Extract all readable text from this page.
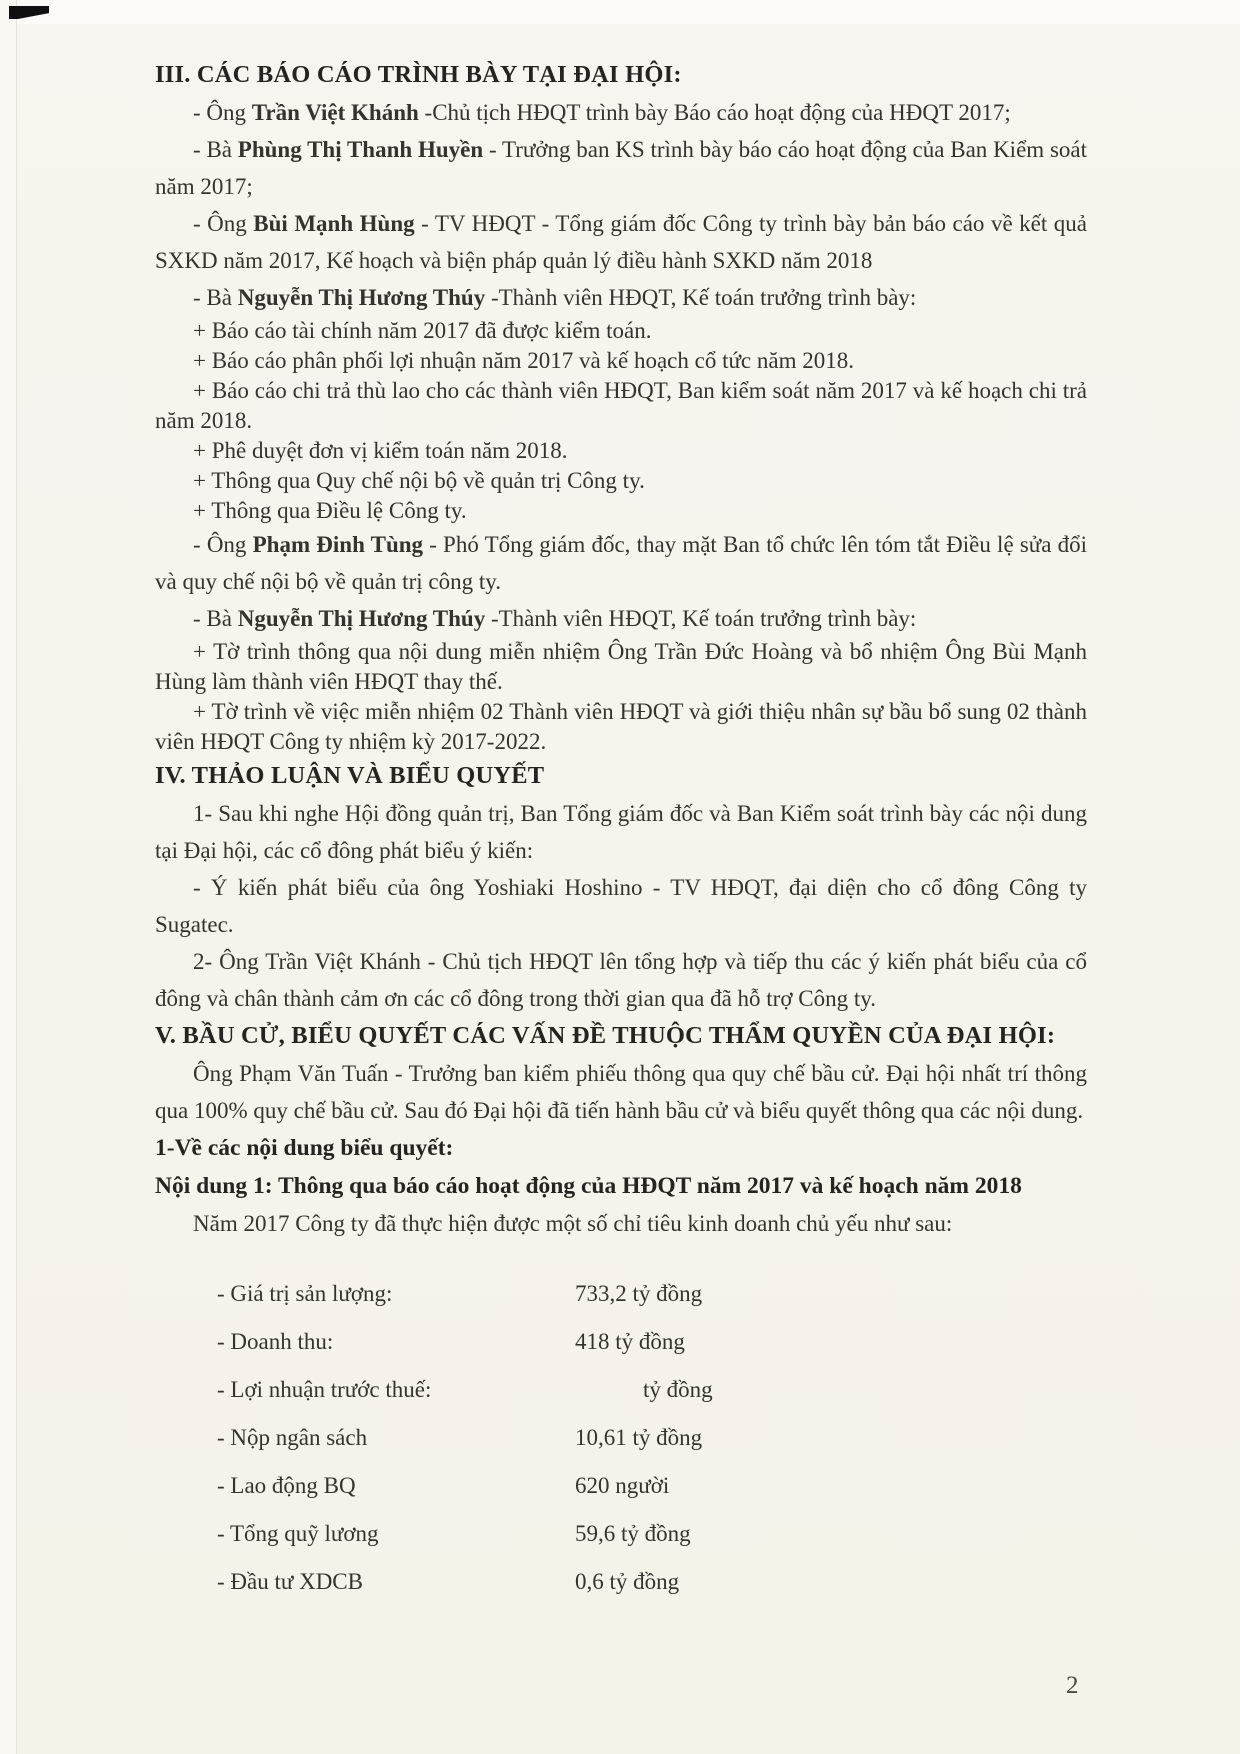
III. CÁC BÁO CÁO TRÌNH BÀY TẠI ĐẠI HỘI:

- Ông Trần Việt Khánh -Chủ tịch HĐQT trình bày Báo cáo hoạt động của HĐQT 2017;

- Bà Phùng Thị Thanh Huyền - Trưởng ban KS trình bày báo cáo hoạt động của Ban Kiểm soát năm 2017;

- Ông Bùi Mạnh Hùng - TV HĐQT - Tổng giám đốc Công ty trình bày bản báo cáo về kết quả SXKD năm 2017, Kế hoạch và biện pháp quản lý điều hành SXKD năm 2018

- Bà Nguyễn Thị Hương Thúy -Thành viên HĐQT, Kế toán trưởng trình bày:

+ Báo cáo tài chính năm 2017 đã được kiểm toán.

+ Báo cáo phân phối lợi nhuận năm 2017 và kế hoạch cổ tức năm 2018.

+ Báo cáo chi trả thù lao cho các thành viên HĐQT, Ban kiểm soát năm 2017 và kế hoạch chi trả năm 2018.

+ Phê duyệt đơn vị kiểm toán năm 2018.

+ Thông qua Quy chế nội bộ về quản trị Công ty.

+ Thông qua Điều lệ Công ty.

- Ông Phạm Đinh Tùng - Phó Tổng giám đốc, thay mặt Ban tổ chức lên tóm tắt Điều lệ sửa đổi và quy chế nội bộ về quản trị công ty.

- Bà Nguyễn Thị Hương Thúy -Thành viên HĐQT, Kế toán trưởng trình bày:

+ Tờ trình thông qua nội dung miễn nhiệm Ông Trần Đức Hoàng và bổ nhiệm Ông Bùi Mạnh Hùng làm thành viên HĐQT thay thế.

+ Tờ trình về việc miễn nhiệm 02 Thành viên HĐQT và giới thiệu nhân sự bầu bổ sung 02 thành viên HĐQT Công ty nhiệm kỳ 2017-2022.

IV. THẢO LUẬN VÀ BIỂU QUYẾT

1- Sau khi nghe Hội đồng quản trị, Ban Tổng giám đốc và Ban Kiểm soát trình bày các nội dung tại Đại hội, các cổ đông phát biểu ý kiến:

- Ý kiến phát biểu của ông Yoshiaki Hoshino - TV HĐQT, đại diện cho cổ đông Công ty Sugatec.

2- Ông Trần Việt Khánh - Chủ tịch HĐQT lên tổng hợp và tiếp thu các ý kiến phát biểu của cổ đông và chân thành cảm ơn các cổ đông trong thời gian qua đã hỗ trợ Công ty.

V. BẦU CỬ, BIỂU QUYẾT CÁC VẤN ĐỀ THUỘC THẨM QUYỀN CỦA ĐẠI HỘI:

Ông Phạm Văn Tuấn - Trưởng ban kiểm phiếu thông qua quy chế bầu cử. Đại hội nhất trí thông qua 100% quy chế bầu cử. Sau đó Đại hội đã tiến hành bầu cử và biểu quyết thông qua các nội dung.

1-Về các nội dung biểu quyết:
Nội dung 1: Thông qua báo cáo hoạt động của HĐQT năm 2017 và kế hoạch năm 2018

Năm 2017 Công ty đã thực hiện được một số chỉ tiêu kinh doanh chủ yếu như sau:

- Giá trị sản lượng:	733,2 tỷ đồng
- Doanh thu:	418 tỷ đồng
- Lợi nhuận trước thuế:	tỷ đồng
- Nộp ngân sách	10,61 tỷ đồng
- Lao động BQ	620 người
- Tổng quỹ lương	59,6 tỷ đồng
- Đầu tư XDCB	0,6 tỷ đồng
2
